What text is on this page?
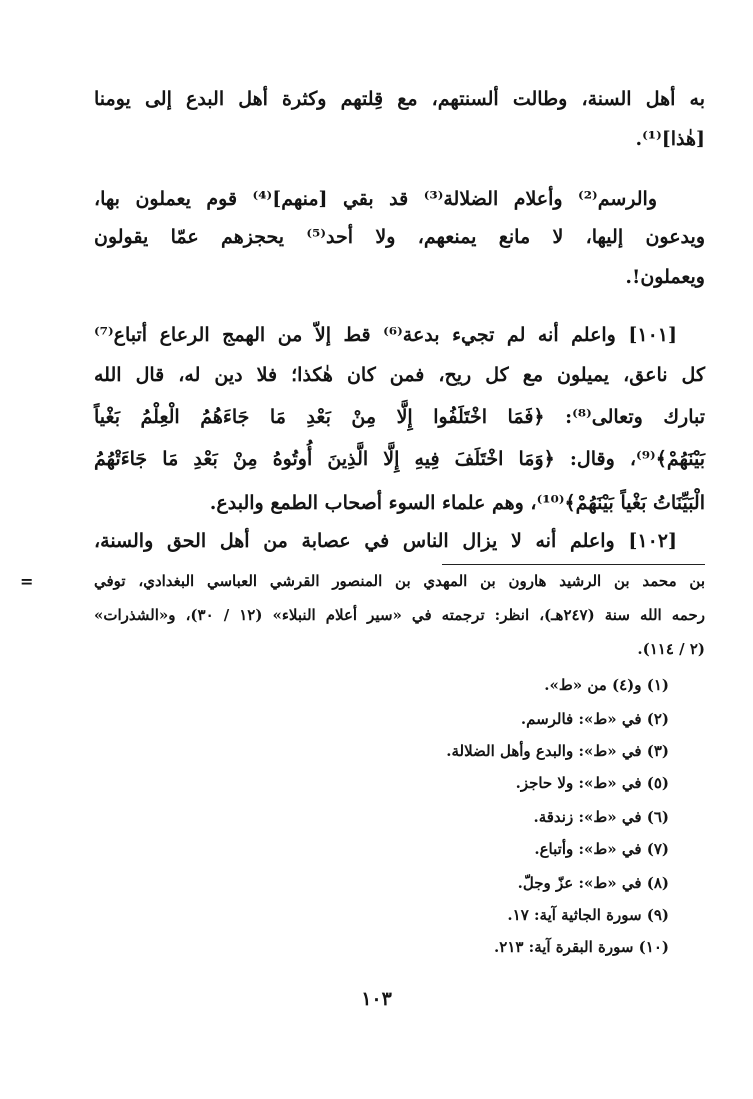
به أهل السنة، وطالت ألسنتهم، مع قِلتهم وكثرة أهل البدع إلى يومنا
[هٰذا]⁽¹⁾.
والرسم⁽²⁾ وأعلام الضلالة⁽³⁾ قد بقي [منهم]⁽⁴⁾ قوم يعملون بها،
ويدعون إليها، لا مانع يمنعهم، ولا أحد⁽⁵⁾ يحجزهم عمّا يقولون
ويعملون!.
[١٠١] واعلم أنه لم تجيء بدعة⁽⁶⁾ قط إلاّ من الهمج الرعاع أتباع⁽⁷⁾
كل ناعق، يميلون مع كل ريح، فمن كان هٰكذا؛ فلا دين له، قال الله
تبارك وتعالى⁽⁸⁾: ﴿فَمَا اخْتَلَفُوا إِلَّا مِنْ بَعْدِ مَا جَاءَهُمُ الْعِلْمُ بَغْياً
بَيْنَهُمْ﴾⁽⁹⁾، وقال: ﴿وَمَا اخْتَلَفَ فِيهِ إِلَّا الَّذِينَ أُوتُوهُ مِنْ بَعْدِ مَا جَاءَتْهُمُ
الْبَيِّنَاتُ بَغْياً بَيْنَهُمْ﴾⁽¹⁰⁾، وهم علماء السوء أصحاب الطمع والبدع.
[١٠٢] واعلم أنه لا يزال الناس في عصابة من أهل الحق والسنة،
=	بن محمد بن الرشيد هارون بن المهدي بن المنصور القرشي العباسي البغدادي، توفي
رحمه الله سنة (٢٤٧هـ)، انظر: ترجمته في «سير أعلام النبلاء» (١٢ / ٣٠)، و«الشذرات»
(٢ / ١١٤).
(١) و(٤) من «ط».
(٢) في «ط»: فالرسم.
(٣) في «ط»: والبدع وأهل الضلالة.
(٥) في «ط»: ولا حاجز.
(٦) في «ط»: زندقة.
(٧) في «ط»: وأتباع.
(٨) في «ط»: عزّ وجلّ.
(٩) سورة الجاثية آية: ١٧.
(١٠) سورة البقرة آية: ٢١٣.
١٠٣
